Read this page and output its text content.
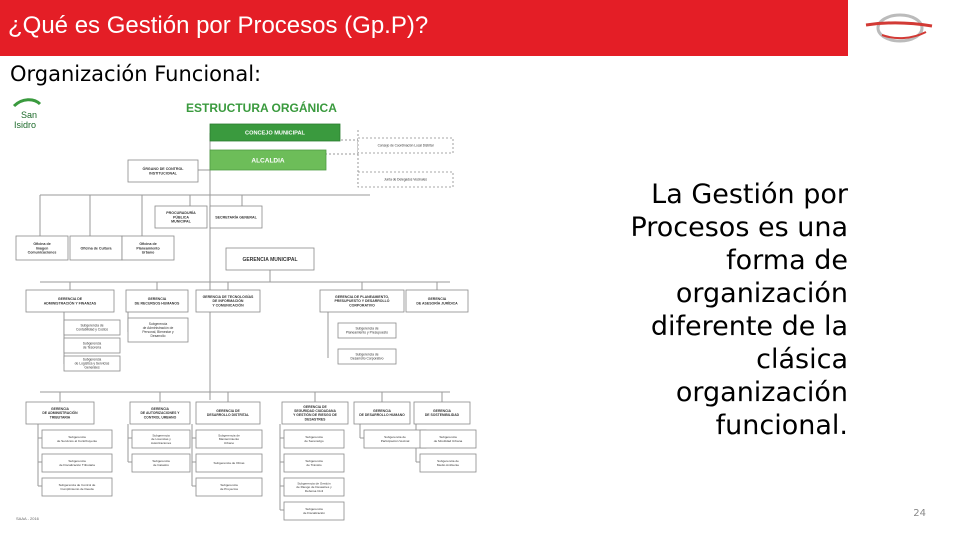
¿Qué es Gestión por Procesos (Gp.P)?
Organización Funcional:
San
Isidro
ESTRUCTURA ORGÁNICA
CONCEJO MUNICIPAL
ALCALDIA
Consejo de Coordinación Local Distrital
Junta de Delegados Vecinales
ÓRGANO DE CONTROL
INSTITUCIONAL
PROCURADURÍA
PÚBLICA
MUNICIPAL
SECRETARÍA GENERAL
Oficina de
Imagen
Comunicaciones
Oficina de Cultura
Oficina de
Planeamiento
Urbano
GERENCIA MUNICIPAL
GERENCIA DE
ADMINISTRACIÓN Y FINANZAS
GERENCIA
DE RECURSOS HUMANOS
GERENCIA DE TECNOLOGÍAS
DE INFORMACIÓN
Y COMUNICACIÓN
GERENCIA DE PLANEAMIENTO,
PRESUPUESTO Y DESARROLLO
CORPORATIVO
GERENCIA
DE ASESORÍA JURÍDICA
Subgerencia de
Contabilidad y Costos
Subgerencia
de Tesorería
Subgerencia
de Logística y Servicios
Generales
Subgerencia
de Administración de
Personal, Bienestar y
Desarrollo
Subgerencia de
Planeamiento y Presupuesto
Subgerencia de
Desarrollo Corporativo
GERENCIA
DE ADMINISTRACIÓN
TRIBUTARIA
GERENCIA
DE AUTORIZACIONES Y
CONTROL URBANO
GERENCIA DE
DESARROLLO DISTRITAL
GERENCIA DE
SEGURIDAD CIUDADANA
Y GESTIÓN DE RIESGO DE
DESASTRES
GERENCIA
DE DESARROLLO HUMANO
GERENCIA
DE SOSTENIBILIDAD
Subgerencia
de Servicios al Contribuyente
Subgerencia
de Fiscalización Tributaria
Subgerencia de Control de
Cumplimiento de Deuda
Subgerencia
de Licencias y
Autorizaciones
Subgerencia
de Catastro
Subgerencia de
Mantenimiento
Urbano
Subgerencia de Obras
Subgerencia
de Proyectos
Subgerencia
de Serenazgo
Subgerencia
de Tránsito
Subgerencia de Gestión
de Riesgo de Desastres y
Defensa Civil
Subgerencia
de Fiscalización
Subgerencia de
Participación Vecinal
Subgerencia
de Movilidad Urbana
Subgerencia de
Medio Ambiente
SAAA - 2016
La Gestión por Procesos es una forma de organización diferente de la clásica organización funcional.
24
